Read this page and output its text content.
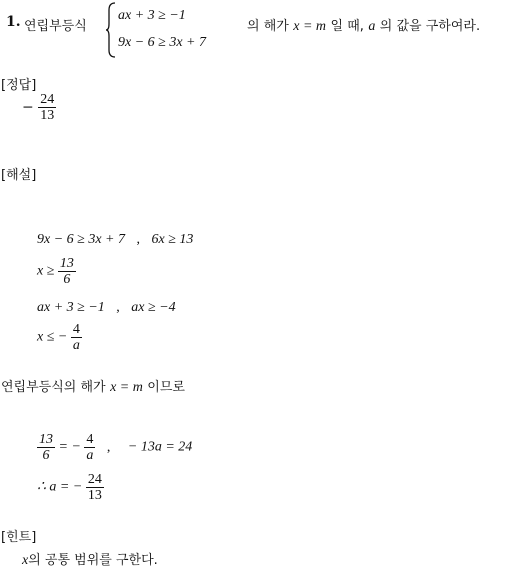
1. 연립부등식
ax + 3 ≥ −1
9x − 6 ≥ 3x + 7
의 해가 x = m 일 때, a 의 값을 구하여라.
[정답]
− $\frac{24}{13}$
[해설]
9x − 6 ≥ 3x + 7 , 6x ≥ 13
$x \ge \frac{13}{6}$
ax + 3 ≥ −1 , ax ≥ −4
x ≤ − $\frac{4}{a}$
연립부등식의 해가 x = m 이므로
$\frac{13}{6}$ = − $\frac{4}{a}$ , − 13a = 24
∴ a = − $\frac{24}{13}$
[힌트]
x의 공통 범위를 구한다.
